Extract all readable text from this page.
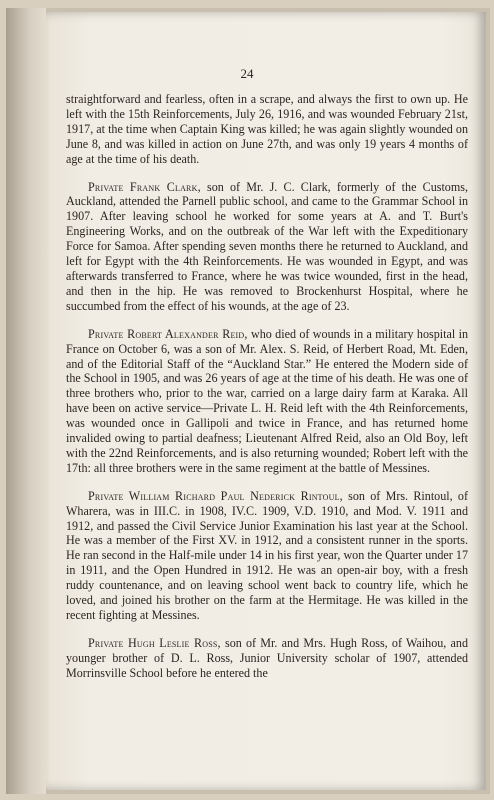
24

straightforward and fearless, often in a scrape, and always the first to own up. He left with the 15th Reinforcements, July 26, 1916, and was wounded February 21st, 1917, at the time when Captain King was killed; he was again slightly wounded on June 8, and was killed in action on June 27th, and was only 19 years 4 months of age at the time of his death.

Private Frank Clark, son of Mr. J. C. Clark, formerly of the Customs, Auckland, attended the Parnell public school, and came to the Grammar School in 1907. After leaving school he worked for some years at A. and T. Burt's Engineering Works, and on the outbreak of the War left with the Expeditionary Force for Samoa. After spending seven months there he returned to Auckland, and left for Egypt with the 4th Reinforcements. He was wounded in Egypt, and was afterwards transferred to France, where he was twice wounded, first in the head, and then in the hip. He was removed to Brockenhurst Hospital, where he succumbed from the effect of his wounds, at the age of 23.

Private Robert Alexander Reid, who died of wounds in a military hospital in France on October 6, was a son of Mr. Alex. S. Reid, of Herbert Road, Mt. Eden, and of the Editorial Staff of the “Auckland Star.” He entered the Modern side of the School in 1905, and was 26 years of age at the time of his death. He was one of three brothers who, prior to the war, carried on a large dairy farm at Karaka. All have been on active service—Private L. H. Reid left with the 4th Reinforcements, was wounded once in Gallipoli and twice in France, and has returned home invalided owing to partial deafness; Lieutenant Alfred Reid, also an Old Boy, left with the 22nd Reinforcements, and is also returning wounded; Robert left with the 17th: all three brothers were in the same regiment at the battle of Messines.

Private William Richard Paul Nederick Rintoul, son of Mrs. Rintoul, of Wharera, was in III.C. in 1908, IV.C. 1909, V.D. 1910, and Mod. V. 1911 and 1912, and passed the Civil Service Junior Examination his last year at the School. He was a member of the First XV. in 1912, and a consistent runner in the sports. He ran second in the Half-mile under 14 in his first year, won the Quarter under 17 in 1911, and the Open Hundred in 1912. He was an open-air boy, with a fresh ruddy countenance, and on leaving school went back to country life, which he loved, and joined his brother on the farm at the Hermitage. He was killed in the recent fighting at Messines.

Private Hugh Leslie Ross, son of Mr. and Mrs. Hugh Ross, of Waihou, and younger brother of D. L. Ross, Junior University scholar of 1907, attended Morrinsville School before he entered the
